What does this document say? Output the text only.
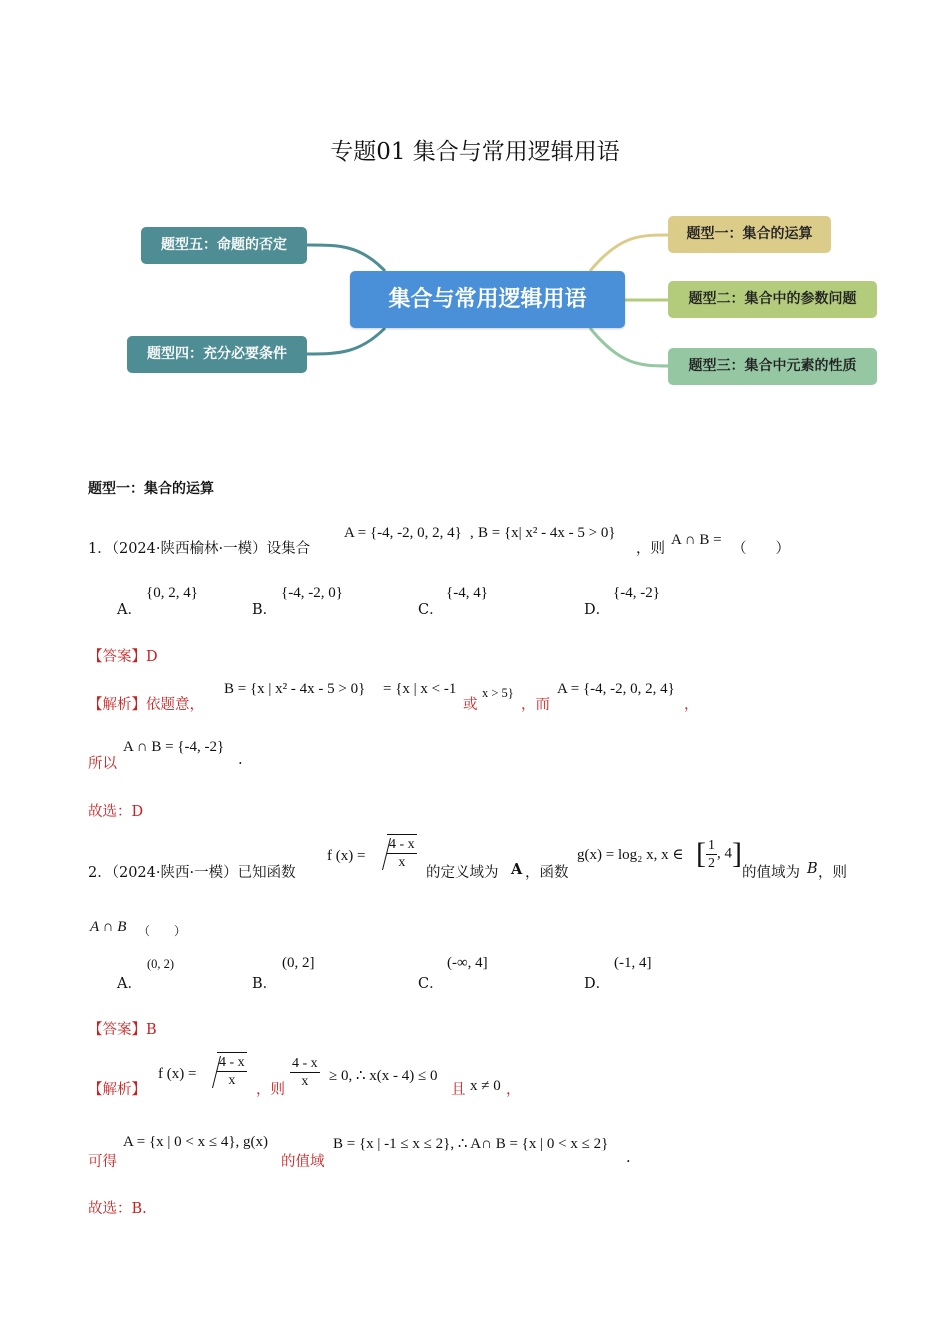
专题01 集合与常用逻辑用语
集合与常用逻辑用语
题型一：集合的运算
题型二：集合中的参数问题
题型三：集合中元素的性质
题型四：充分必要条件
题型五：命题的否定
题型一：集合的运算
1．（2024·陕西榆林·一模）设集合
A = {-4, -2, 0, 2, 4} , B = {x| x² - 4x - 5 > 0}
，则
A ∩ B =
（　　）
A．
{0, 2, 4}
B．
{-4, -2, 0}
C．
{-4, 4}
D．
{-4, -2}
【答案】D
【解析】依题意，
B = {x | x² - 4x - 5 > 0} = {x | x < -1
或
x > 5}
，而
A = {-4, -2, 0, 2, 4}
，
所以
A ∩ B = {-4, -2}
.
故选：D
2．（2024·陕西·一模）已知函数
f $(x) = \frac{4 - x}{x}$
的定义域为 A ，函数
g(x) = log₂ x, x ∈ [ $\frac{1}{2}$ , 4]
的值域为 B ，则
A ∩ B （　　）
A．
(0, 2)
B．
(0, 2]
C．
(-∞, 4]
D．
(-1, 4]
【答案】B
【解析】
f $(x) = \frac{4 - x}{x}$
，则 $\frac{4 - x}{x} \ge 0$, ∴ x(x - 4) ≤ 0
且 x ≠ 0 ，
可得
A = {x | 0 < x ≤ 4}, g(x)
的值域
B = {x | -1 ≤ x ≤ 2}, ∴ A∩ B = {x | 0 < x ≤ 2}
.
故选：B.
